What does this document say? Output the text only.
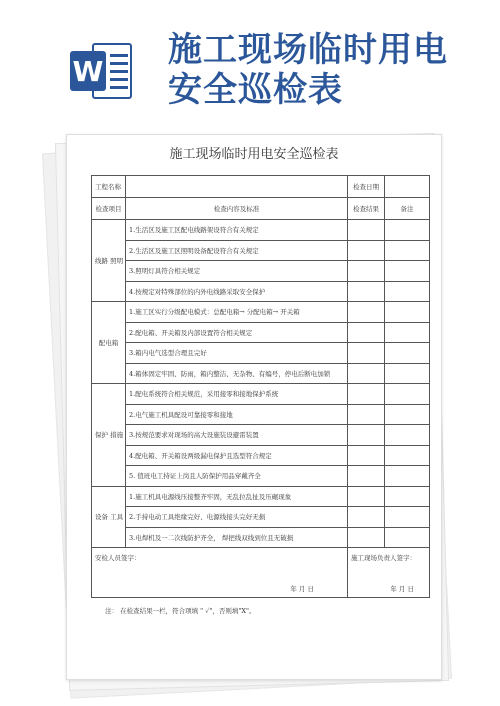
W
施工现场临时用电
安全巡检表
施工现场临时用电安全巡检表
工程名称		检查日期	
检查项目	检查内容及标准	检查结果	备注
线路 照明	1.生活区及施工区配电线路架设符合有关规定		
	2.生活区及施工区照明设备配设符合有关规定		
	3.照明灯具符合相关规定		
	4.按规定对特殊部位的内外电线路采取安全保护		
配电箱	1.施工区实行分级配电模式：总配电箱→ 分配电箱→ 开关箱		
	2.配电箱、开关箱及内部设置符合相关规定		
	3.箱内电气选型合理且完好		
	4.箱体固定牢固、防雨，箱内整洁、无杂物、有编号，停电后断电加锁		
保护 措施	1.配电系统符合相关规范，采用接零和接地保护系统		
	2.电气施工机具配设可靠接零和接地		
	3.按规范要求对现场的高大设施装设避雷装置		
	4.配电箱、开关箱设两级漏电保护且选型符合规定		
	5. 值班电工持证上岗且人防保护用品穿戴齐全		
设备 工具	1.施工机具电源线压接整齐牢固，无乱拉乱扯及压碾现象		
	2.手持电动工具绝缘完好、电源线接头完好无损		
	3.电焊机及一二次线防护齐全， 焊把线双线到位且无破损		
安检人员签字：
年 月 日		施工现场负责人签字：
年 月 日	
注： 在检查结果一栏，符合项填 " ✓"，否则填"X"。
